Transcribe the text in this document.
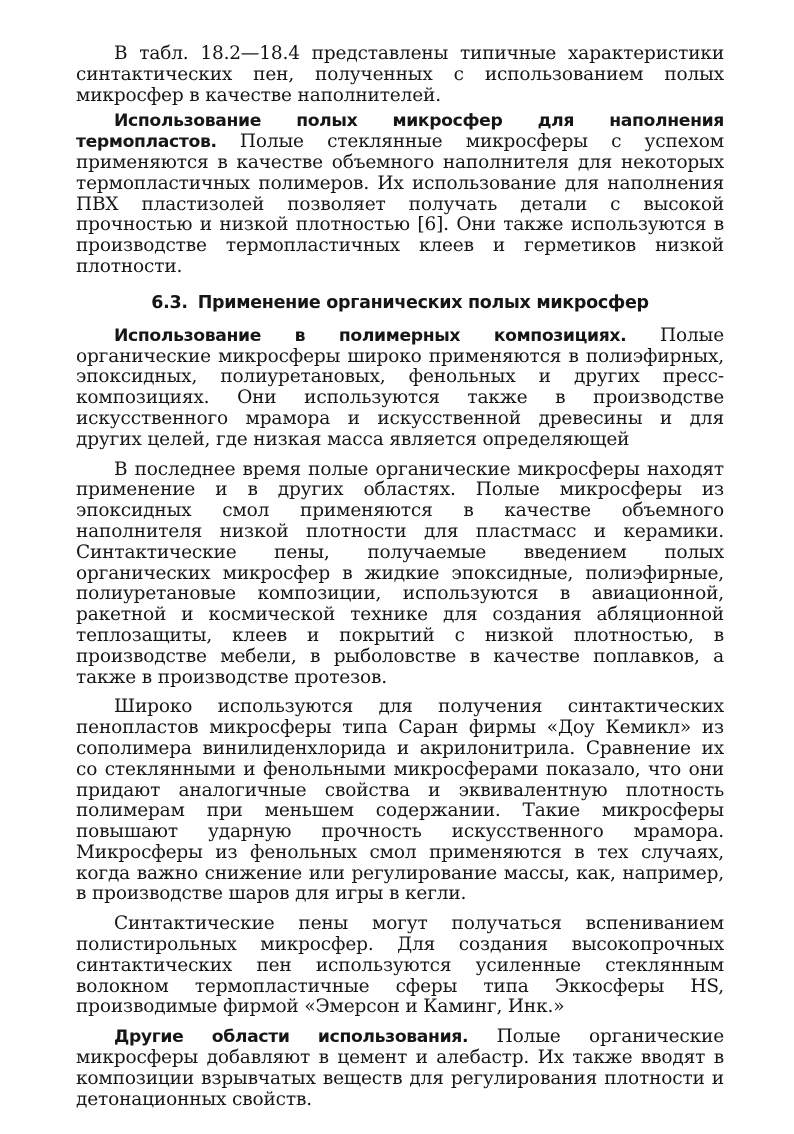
В табл. 18.2—18.4 представлены типичные характеристики синтактических пен, полученных с использованием полых микросфер в качестве наполнителей.

Использование полых микросфер для наполнения термопластов. Полые стеклянные микросферы с успехом применяются в качестве объемного наполнителя для некоторых термопластичных полимеров. Их использование для наполнения ПВХ пластизолей позволяет получать детали с высокой прочностью и низкой плотностью [6]. Они также используются в производстве термопластичных клеев и герметиков низкой плотности.

6.3. Применение органических полых микросфер

Использование в полимерных композициях. Полые органические микросферы широко применяются в полиэфирных, эпоксидных, полиуретановых, фенольных и других пресс-композициях. Они используются также в производстве искусственного мрамора и искусственной древесины и для других целей, где низкая масса является определяющей

В последнее время полые органические микросферы находят применение и в других областях. Полые микросферы из эпоксидных смол применяются в качестве объемного наполнителя низкой плотности для пластмасс и керамики. Синтактические пены, получаемые введением полых органических микросфер в жидкие эпоксидные, полиэфирные, полиуретановые композиции, используются в авиационной, ракетной и космической технике для создания абляционной теплозащиты, клеев и покрытий с низкой плотностью, в производстве мебели, в рыболовстве в качестве поплавков, а также в производстве протезов.

Широко используются для получения синтактических пенопластов микросферы типа Саран фирмы «Доу Кемикл» из сополимера винилиденхлорида и акрилонитрила. Сравнение их со стеклянными и фенольными микросферами показало, что они придают аналогичные свойства и эквивалентную плотность полимерам при меньшем содержании. Такие микросферы повышают ударную прочность искусственного мрамора. Микросферы из фенольных смол применяются в тех случаях, когда важно снижение или регулирование массы, как, например, в производстве шаров для игры в кегли.

Синтактические пены могут получаться вспениванием полистирольных микросфер. Для создания высокопрочных синтактических пен используются усиленные стеклянным волокном термопластичные сферы типа Эккосферы HS, производимые фирмой «Эмерсон и Каминг, Инк.»

Другие области использования. Полые органические микросферы добавляют в цемент и алебастр. Их также вводят в композиции взрывчатых веществ для регулирования плотности и детонационных свойств.
